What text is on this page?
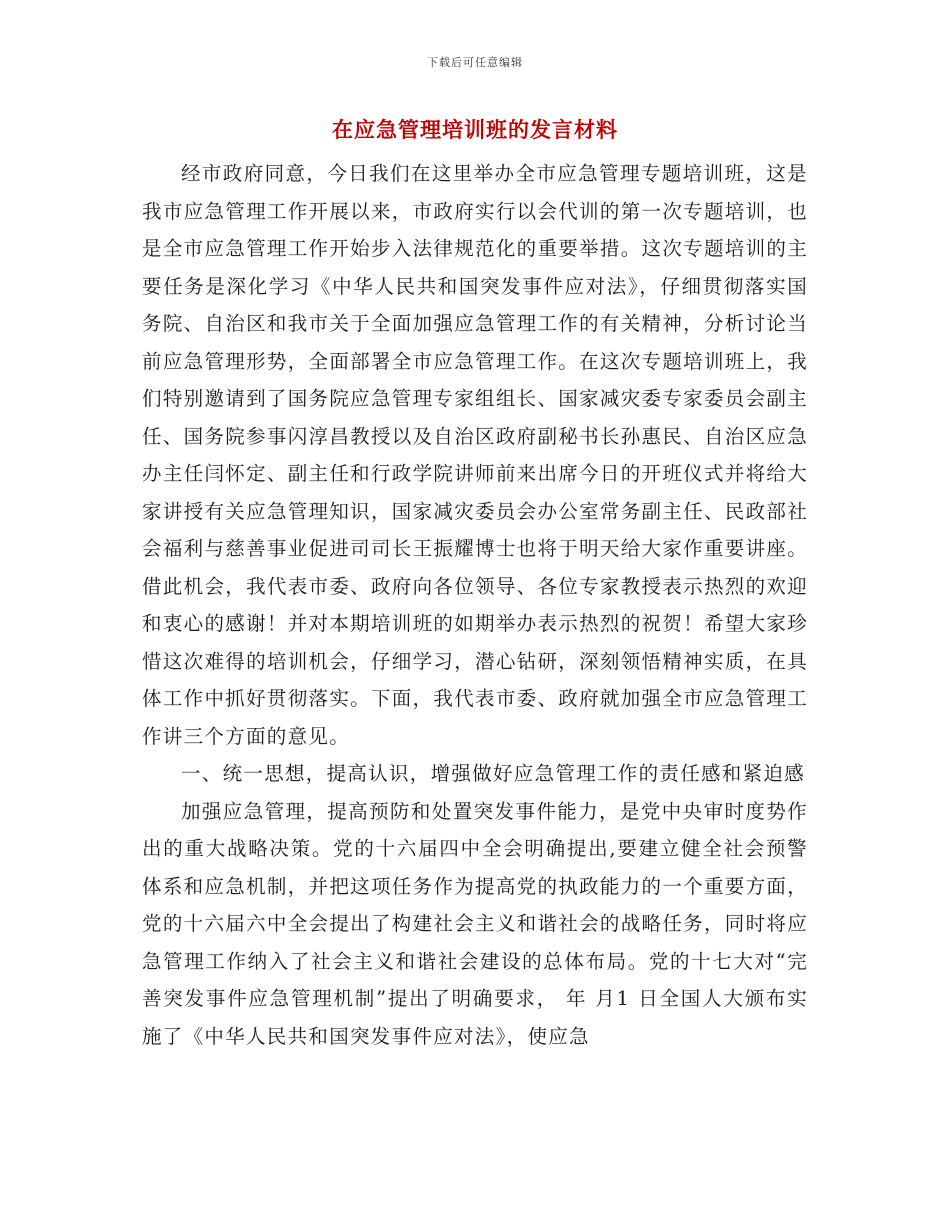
下载后可任意编辑
在应急管理培训班的发言材料

经市政府同意，今日我们在这里举办全市应急管理专题培训班，这是我市应急管理工作开展以来，市政府实行以会代训的第一次专题培训，也是全市应急管理工作开始步入法律规范化的重要举措。这次专题培训的主要任务是深化学习《中华人民共和国突发事件应对法》，仔细贯彻落实国务院、自治区和我市关于全面加强应急管理工作的有关精神，分析讨论当前应急管理形势，全面部署全市应急管理工作。在这次专题培训班上，我们特别邀请到了国务院应急管理专家组组长、国家减灾委专家委员会副主任、国务院参事闪淳昌教授以及自治区政府副秘书长孙惠民、自治区应急办主任闫怀定、副主任和行政学院讲师前来出席今日的开班仪式并将给大家讲授有关应急管理知识，国家减灾委员会办公室常务副主任、民政部社会福利与慈善事业促进司司长王振耀博士也将于明天给大家作重要讲座。借此机会，我代表市委、政府向各位领导、各位专家教授表示热烈的欢迎和衷心的感谢！并对本期培训班的如期举办表示热烈的祝贺！希望大家珍惜这次难得的培训机会，仔细学习，潜心钻研，深刻领悟精神实质，在具体工作中抓好贯彻落实。下面，我代表市委、政府就加强全市应急管理工作讲三个方面的意见。

一、统一思想，提高认识，增强做好应急管理工作的责任感和紧迫感

加强应急管理，提高预防和处置突发事件能力，是党中央审时度势作出的重大战略决策。党的十六届四中全会明确提出,要建立健全社会预警体系和应急机制，并把这项任务作为提高党的执政能力的一个重要方面，党的十六届六中全会提出了构建社会主义和谐社会的战略任务，同时将应急管理工作纳入了社会主义和谐社会建设的总体布局。党的十七大对“完善突发事件应急管理机制”提出了明确要求， 年 月1 日全国人大颁布实施了《中华人民共和国突发事件应对法》，使应急
